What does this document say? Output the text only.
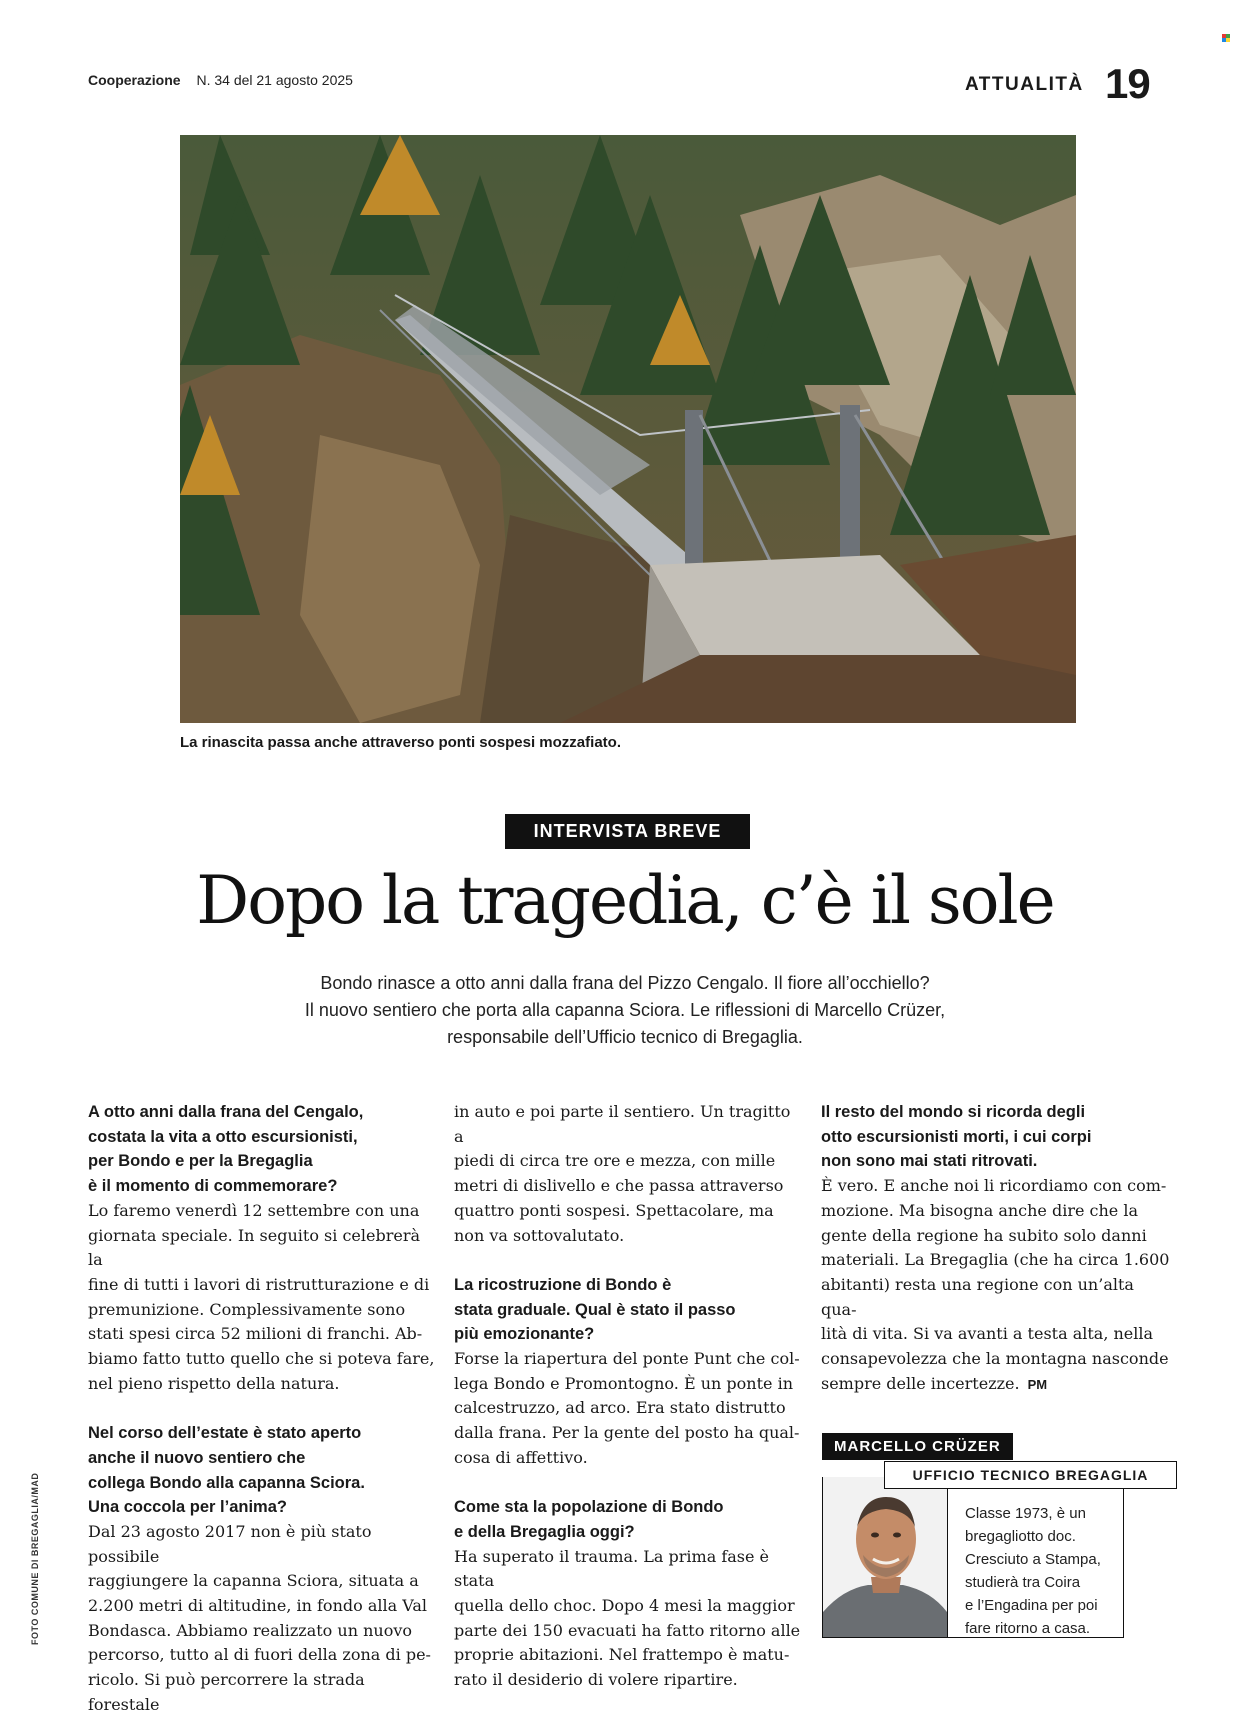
Cooperazione N. 34 del 21 agosto 2025	ATTUALITÀ 19
La rinascita passa anche attraverso ponti sospesi mozzafiato.
INTERVISTA BREVE
Dopo la tragedia, c’è il sole
Bondo rinasce a otto anni dalla frana del Pizzo Cengalo. Il fiore all’occhiello?
Il nuovo sentiero che porta alla capanna Sciora. Le riflessioni di Marcello Crüzer,
responsabile dell’Ufficio tecnico di Bregaglia.
A otto anni dalla frana del Cengalo,
costata la vita a otto escursionisti,
per Bondo e per la Bregaglia
è il momento di commemorare?
Lo faremo venerdì 12 settembre con una
giornata speciale. In seguito si celebrerà la
fine di tutti i lavori di ristrutturazione e di
premunizione. Complessivamente sono
stati spesi circa 52 milioni di franchi. Ab-
biamo fatto tutto quello che si poteva fare,
nel pieno rispetto della natura.
Nel corso dell’estate è stato aperto
anche il nuovo sentiero che
collega Bondo alla capanna Sciora.
Una coccola per l’anima?
Dal 23 agosto 2017 non è più stato possibile
raggiungere la capanna Sciora, situata a
2.200 metri di altitudine, in fondo alla Val
Bondasca. Abbiamo realizzato un nuovo
percorso, tutto al di fuori della zona di pe-
ricolo. Si può percorrere la strada forestale
in auto e poi parte il sentiero. Un tragitto a
piedi di circa tre ore e mezza, con mille
metri di dislivello e che passa attraverso
quattro ponti sospesi. Spettacolare, ma
non va sottovalutato.
La ricostruzione di Bondo è
stata graduale. Qual è stato il passo
più emozionante?
Forse la riapertura del ponte Punt che col-
lega Bondo e Promontogno. È un ponte in
calcestruzzo, ad arco. Era stato distrutto
dalla frana. Per la gente del posto ha qual-
cosa di affettivo.
Come sta la popolazione di Bondo
e della Bregaglia oggi?
Ha superato il trauma. La prima fase è stata
quella dello choc. Dopo 4 mesi la maggior
parte dei 150 evacuati ha fatto ritorno alle
proprie abitazioni. Nel frattempo è matu-
rato il desiderio di volere ripartire.
Il resto del mondo si ricorda degli
otto escursionisti morti, i cui corpi
non sono mai stati ritrovati.
È vero. E anche noi li ricordiamo con com-
mozione. Ma bisogna anche dire che la
gente della regione ha subito solo danni
materiali. La Bregaglia (che ha circa 1.600
abitanti) resta una regione con un’alta qua-
lità di vita. Si va avanti a testa alta, nella
consapevolezza che la montagna nasconde
sempre delle incertezze. PM
FOTO COMUNE DI BREGAGLIA/MAD	Classe 1973, è un
bregagliotto doc.
Cresciuto a Stampa,
studierà tra Coira
e l’Engadina per poi
fare ritorno a casa.
MARCELLO CRÜZER
UFFICIO TECNICO BREGAGLIA
